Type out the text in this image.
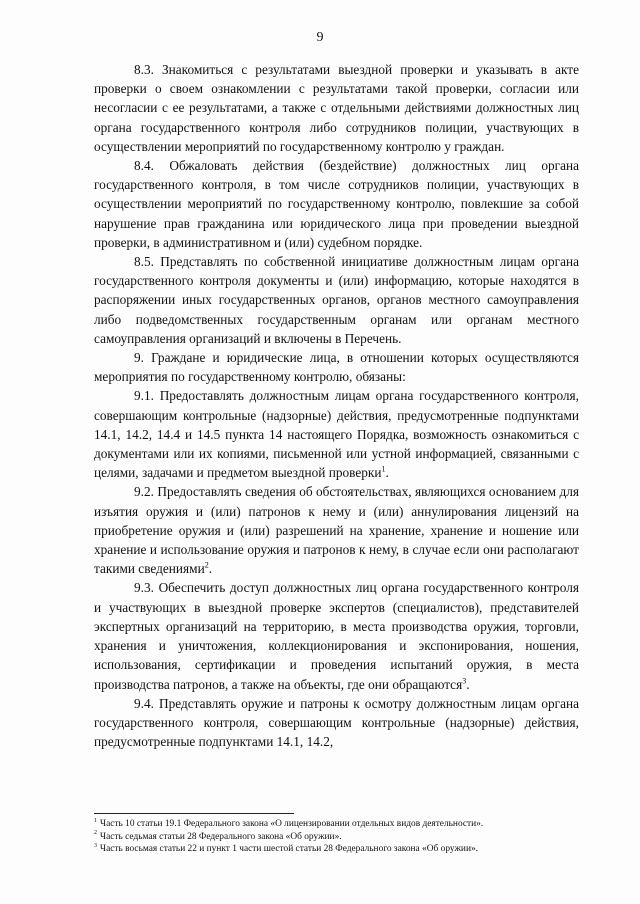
9

8.3. Знакомиться с результатами выездной проверки и указывать в акте проверки о своем ознакомлении с результатами такой проверки, согласии или несогласии с ее результатами, а также с отдельными действиями должностных лиц органа государственного контроля либо сотрудников полиции, участвующих в осуществлении мероприятий по государственному контролю у граждан.

8.4. Обжаловать действия (бездействие) должностных лиц органа государственного контроля, в том числе сотрудников полиции, участвующих в осуществлении мероприятий по государственному контролю, повлекшие за собой нарушение прав гражданина или юридического лица при проведении выездной проверки, в административном и (или) судебном порядке.

8.5. Представлять по собственной инициативе должностным лицам органа государственного контроля документы и (или) информацию, которые находятся в распоряжении иных государственных органов, органов местного самоуправления либо подведомственных государственным органам или органам местного самоуправления организаций и включены в Перечень.

9. Граждане и юридические лица, в отношении которых осуществляются мероприятия по государственному контролю, обязаны:

9.1. Предоставлять должностным лицам органа государственного контроля, совершающим контрольные (надзорные) действия, предусмотренные подпунктами 14.1, 14.2, 14.4 и 14.5 пункта 14 настоящего Порядка, возможность ознакомиться с документами или их копиями, письменной или устной информацией, связанными с целями, задачами и предметом выездной проверки$^1$.

9.2. Предоставлять сведения об обстоятельствах, являющихся основанием для изъятия оружия и (или) патронов к нему и (или) аннулирования лицензий на приобретение оружия и (или) разрешений на хранение, хранение и ношение или хранение и использование оружия и патронов к нему, в случае если они располагают такими сведениями$^2$.

9.3. Обеспечить доступ должностных лиц органа государственного контроля и участвующих в выездной проверке экспертов (специалистов), представителей экспертных организаций на территорию, в места производства оружия, торговли, хранения и уничтожения, коллекционирования и экспонирования, ношения, использования, сертификации и проведения испытаний оружия, в места производства патронов, а также на объекты, где они обращаются$^3$.

9.4. Представлять оружие и патроны к осмотру должностным лицам органа государственного контроля, совершающим контрольные (надзорные) действия, предусмотренные подпунктами 14.1, 14.2,

$^1$ Часть 10 статьи 19.1 Федерального закона «О лицензировании отдельных видов деятельности».

$^2$ Часть седьмая статьи 28 Федерального закона «Об оружии».

$^3$ Часть восьмая статьи 22 и пункт 1 части шестой статьи 28 Федерального закона «Об оружии».
